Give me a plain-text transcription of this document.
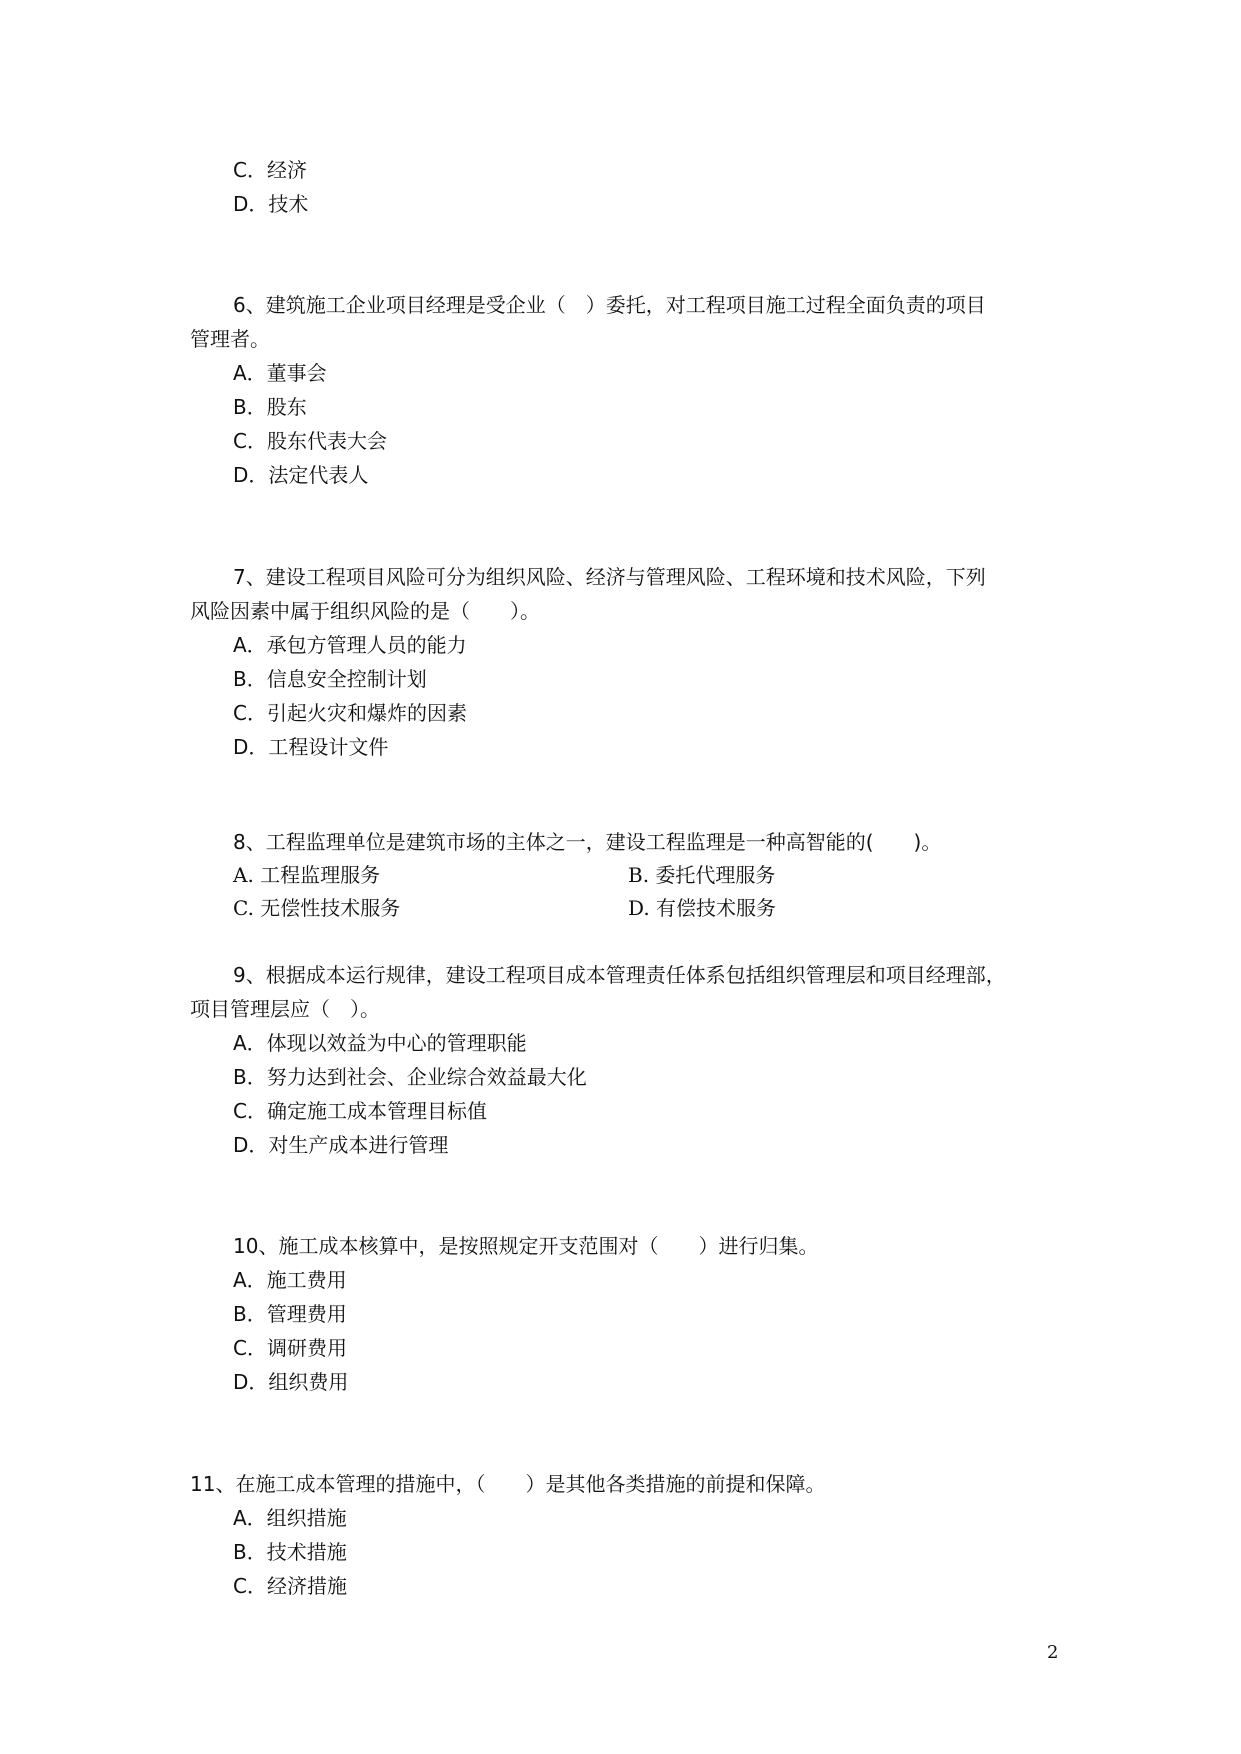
C．经济
D．技术
6、建筑施工企业项目经理是受企业（　）委托，对工程项目施工过程全面负责的项目
管理者。
A．董事会
B．股东
C．股东代表大会
D．法定代表人
7、建设工程项目风险可分为组织风险、经济与管理风险、工程环境和技术风险，下列
风险因素中属于组织风险的是（　　）。
A．承包方管理人员的能力
B．信息安全控制计划
C．引起火灾和爆炸的因素
D．工程设计文件
8、工程监理单位是建筑市场的主体之一，建设工程监理是一种高智能的(　　)。
A. 工程监理服务	B. 委托代理服务
C. 无偿性技术服务	D. 有偿技术服务
9、根据成本运行规律，建设工程项目成本管理责任体系包括组织管理层和项目经理部，
项目管理层应（　）。
A．体现以效益为中心的管理职能
B．努力达到社会、企业综合效益最大化
C．确定施工成本管理目标值
D．对生产成本进行管理
10、施工成本核算中，是按照规定开支范围对（　　）进行归集。
A．施工费用
B．管理费用
C．调研费用
D．组织费用
11、在施工成本管理的措施中，（　　）是其他各类措施的前提和保障。
A．组织措施
B．技术措施
C．经济措施
2
